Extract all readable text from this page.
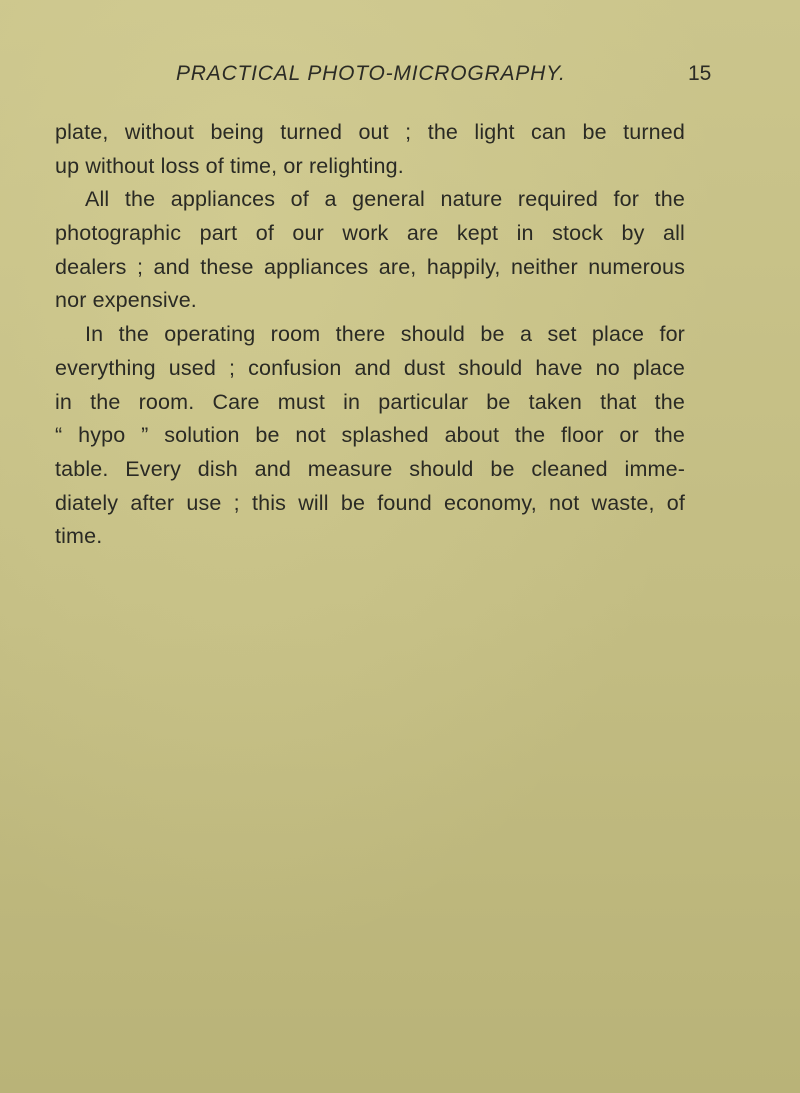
PRACTICAL PHOTO-MICROGRAPHY.	15
plate, without being turned out ; the light can be turned
up without loss of time, or relighting.
All the appliances of a general nature required for the
photographic part of our work are kept in stock by all
dealers ; and these appliances are, happily, neither numerous
nor expensive.
In the operating room there should be a set place for
everything used ; confusion and dust should have no place
in the room. Care must in particular be taken that the
“ hypo ” solution be not splashed about the floor or the
table. Every dish and measure should be cleaned imme-
diately after use ; this will be found economy, not waste, of
time.
